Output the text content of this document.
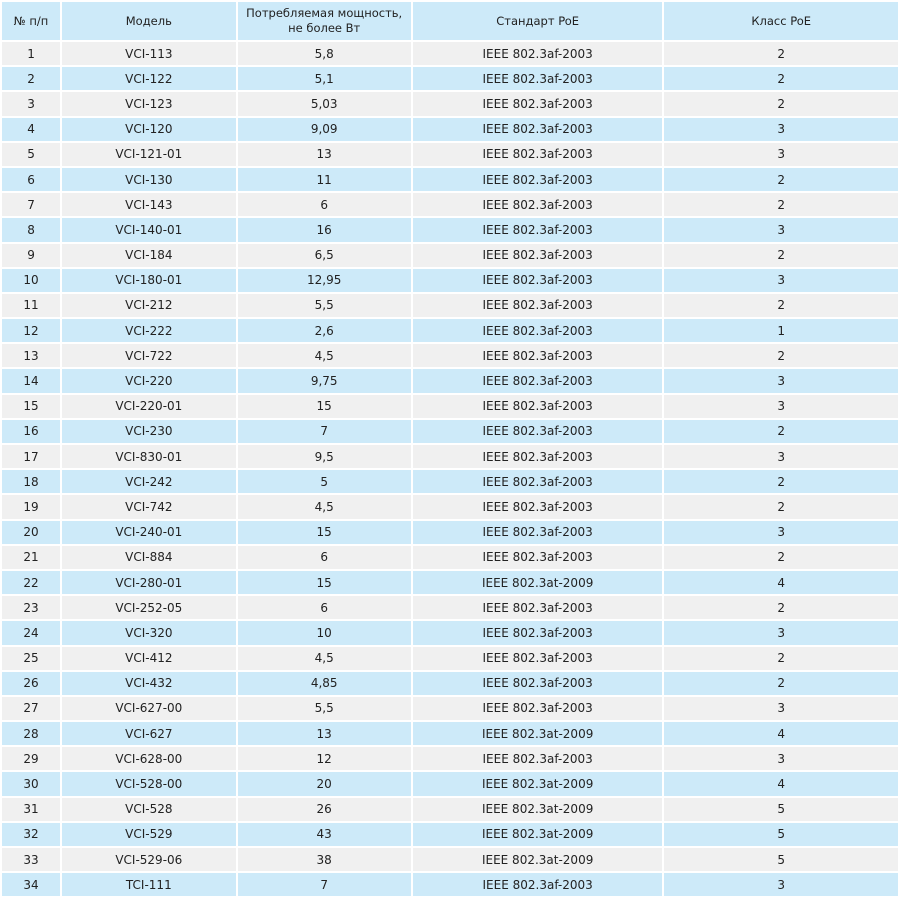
№ п/п	Модель	Потребляемая мощность, не более Вт	Стандарт PoE	Класс PoE
1	VCI-113	5,8	IEEE 802.3af-2003	2
2	VCI-122	5,1	IEEE 802.3af-2003	2
3	VCI-123	5,03	IEEE 802.3af-2003	2
4	VCI-120	9,09	IEEE 802.3af-2003	3
5	VCI-121-01	13	IEEE 802.3af-2003	3
6	VCI-130	11	IEEE 802.3af-2003	2
7	VCI-143	6	IEEE 802.3af-2003	2
8	VCI-140-01	16	IEEE 802.3af-2003	3
9	VCI-184	6,5	IEEE 802.3af-2003	2
10	VCI-180-01	12,95	IEEE 802.3af-2003	3
11	VCI-212	5,5	IEEE 802.3af-2003	2
12	VCI-222	2,6	IEEE 802.3af-2003	1
13	VCI-722	4,5	IEEE 802.3af-2003	2
14	VCI-220	9,75	IEEE 802.3af-2003	3
15	VCI-220-01	15	IEEE 802.3af-2003	3
16	VCI-230	7	IEEE 802.3af-2003	2
17	VCI-830-01	9,5	IEEE 802.3af-2003	3
18	VCI-242	5	IEEE 802.3af-2003	2
19	VCI-742	4,5	IEEE 802.3af-2003	2
20	VCI-240-01	15	IEEE 802.3af-2003	3
21	VCI-884	6	IEEE 802.3af-2003	2
22	VCI-280-01	15	IEEE 802.3at-2009	4
23	VCI-252-05	6	IEEE 802.3af-2003	2
24	VCI-320	10	IEEE 802.3af-2003	3
25	VCI-412	4,5	IEEE 802.3af-2003	2
26	VCI-432	4,85	IEEE 802.3af-2003	2
27	VCI-627-00	5,5	IEEE 802.3af-2003	3
28	VCI-627	13	IEEE 802.3at-2009	4
29	VCI-628-00	12	IEEE 802.3af-2003	3
30	VCI-528-00	20	IEEE 802.3at-2009	4
31	VCI-528	26	IEEE 802.3at-2009	5
32	VCI-529	43	IEEE 802.3at-2009	5
33	VCI-529-06	38	IEEE 802.3at-2009	5
34	TCI-111	7	IEEE 802.3af-2003	3
